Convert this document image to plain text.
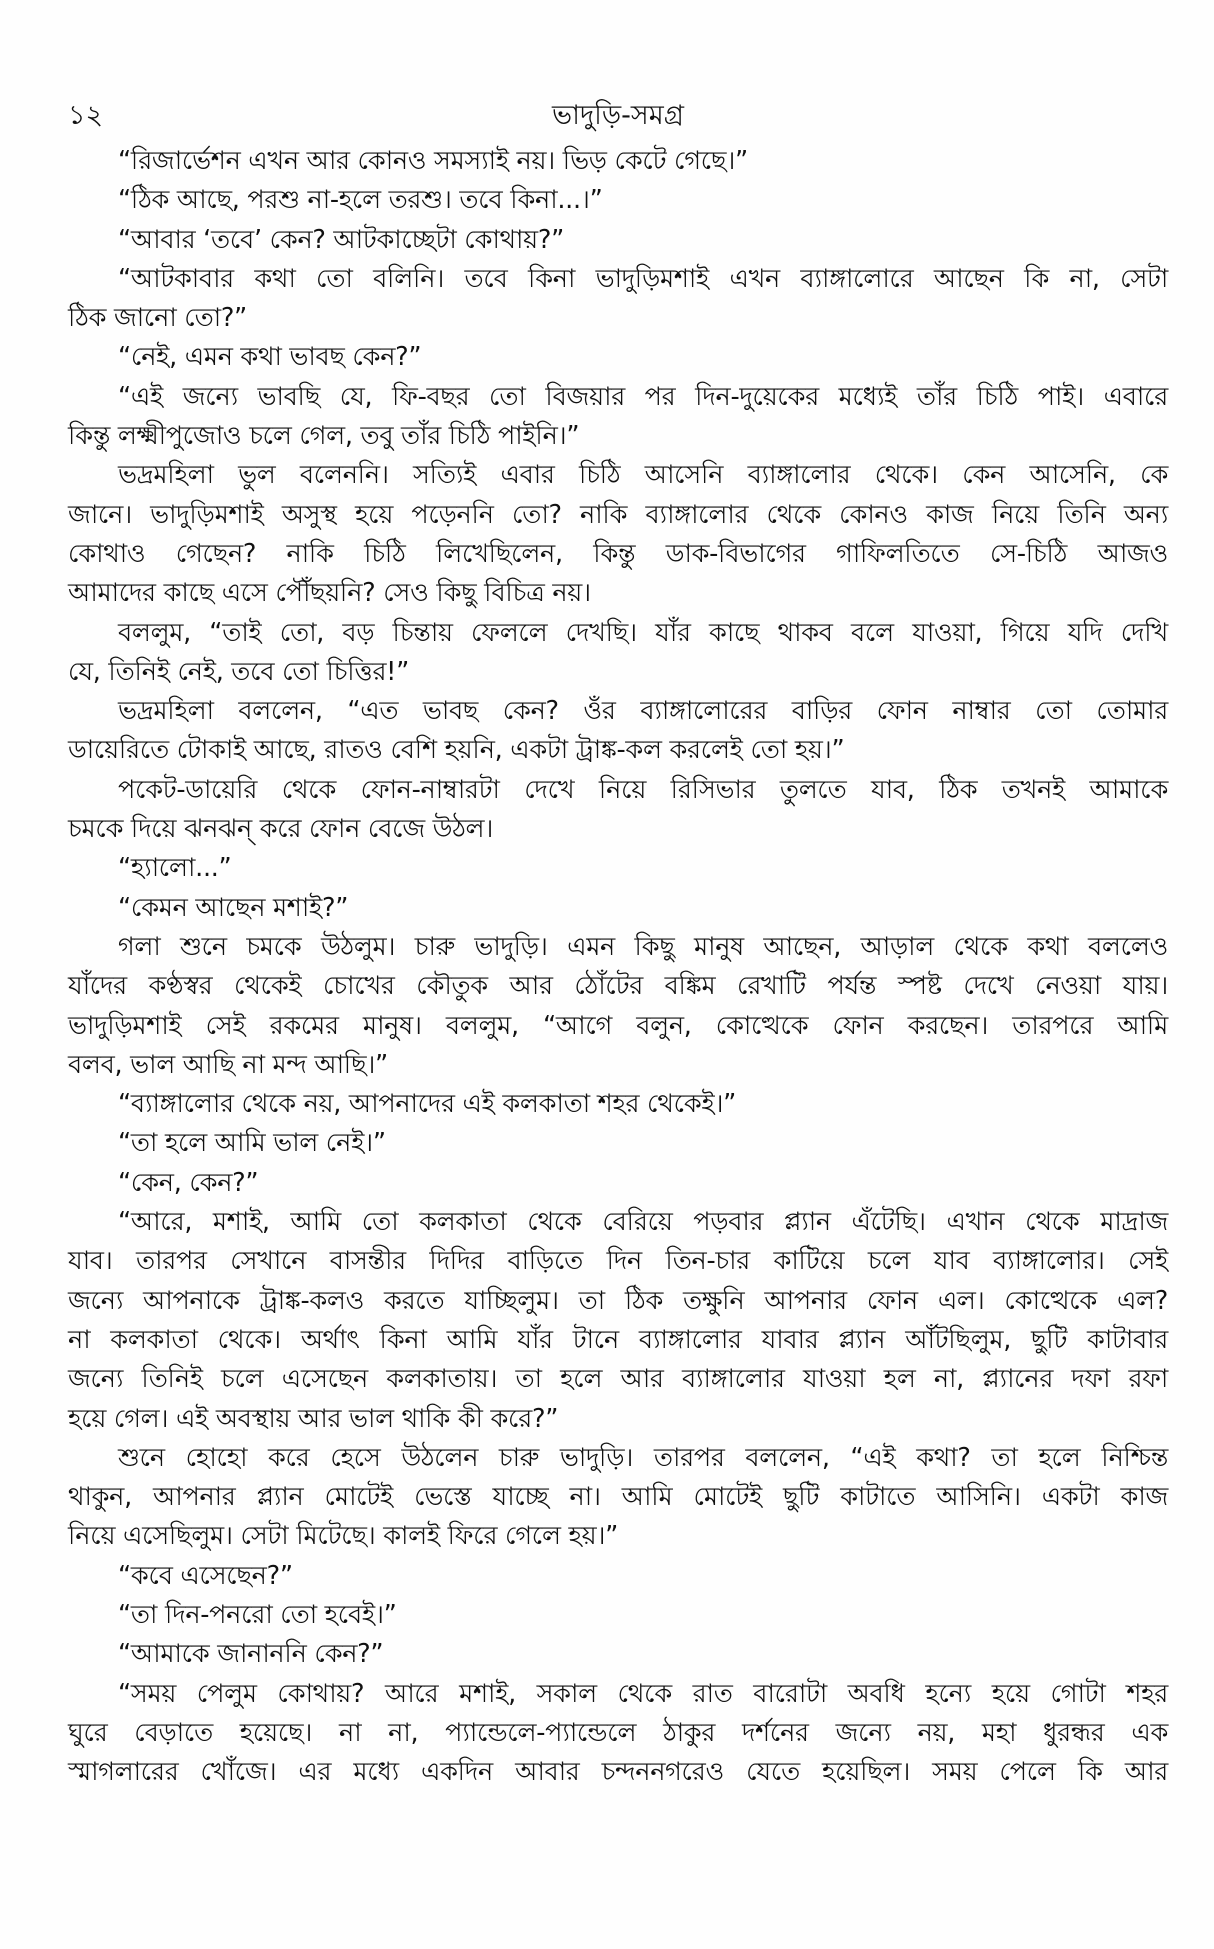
১২	ভাদুড়ি-সমগ্র
“রিজার্ভেশন এখন আর কোনও সমস্যাই নয়। ভিড় কেটে গেছে।”
“ঠিক আছে, পরশু না-হলে তরশু। তবে কিনা...।”
“আবার ‘তবে’ কেন? আটকাচ্ছেটা কোথায়?”
“আটকাবার কথা তো বলিনি। তবে কিনা ভাদুড়িমশাই এখন ব্যাঙ্গালোরে আছেন কি না, সেটা
ঠিক জানো তো?”
“নেই, এমন কথা ভাবছ কেন?”
“এই জন্যে ভাবছি যে, ফি-বছর তো বিজয়ার পর দিন-দুয়েকের মধ্যেই তাঁর চিঠি পাই। এবারে
কিন্তু লক্ষ্মীপুজোও চলে গেল, তবু তাঁর চিঠি পাইনি।”
ভদ্রমহিলা ভুল বলেননি। সত্যিই এবার চিঠি আসেনি ব্যাঙ্গালোর থেকে। কেন আসেনি, কে
জানে। ভাদুড়িমশাই অসুস্থ হয়ে পড়েননি তো? নাকি ব্যাঙ্গালোর থেকে কোনও কাজ নিয়ে তিনি অন্য
কোথাও গেছেন? নাকি চিঠি লিখেছিলেন, কিন্তু ডাক-বিভাগের গাফিলতিতে সে-চিঠি আজও
আমাদের কাছে এসে পৌঁছয়নি? সেও কিছু বিচিত্র নয়।
বললুম, “তাই তো, বড় চিন্তায় ফেললে দেখছি। যাঁর কাছে থাকব বলে যাওয়া, গিয়ে যদি দেখি
যে, তিনিই নেই, তবে তো চিত্তির!”
ভদ্রমহিলা বললেন, “এত ভাবছ কেন? ওঁর ব্যাঙ্গালোরের বাড়ির ফোন নাম্বার তো তোমার
ডায়েরিতে টোকাই আছে, রাতও বেশি হয়নি, একটা ট্রাঙ্ক-কল করলেই তো হয়।”
পকেট-ডায়েরি থেকে ফোন-নাম্বারটা দেখে নিয়ে রিসিভার তুলতে যাব, ঠিক তখনই আমাকে
চমকে দিয়ে ঝনঝন্ করে ফোন বেজে উঠল।
“হ্যালো...”
“কেমন আছেন মশাই?”
গলা শুনে চমকে উঠলুম। চারু ভাদুড়ি। এমন কিছু মানুষ আছেন, আড়াল থেকে কথা বললেও
যাঁদের কণ্ঠস্বর থেকেই চোখের কৌতুক আর ঠোঁটের বঙ্কিম রেখাটি পর্যন্ত স্পষ্ট দেখে নেওয়া যায়।
ভাদুড়িমশাই সেই রকমের মানুষ। বললুম, “আগে বলুন, কোত্থেকে ফোন করছেন। তারপরে আমি
বলব, ভাল আছি না মন্দ আছি।”
“ব্যাঙ্গালোর থেকে নয়, আপনাদের এই কলকাতা শহর থেকেই।”
“তা হলে আমি ভাল নেই।”
“কেন, কেন?”
“আরে, মশাই, আমি তো কলকাতা থেকে বেরিয়ে পড়বার প্ল্যান এঁটেছি। এখান থেকে মাদ্রাজ
যাব। তারপর সেখানে বাসন্তীর দিদির বাড়িতে দিন তিন-চার কাটিয়ে চলে যাব ব্যাঙ্গালোর। সেই
জন্যে আপনাকে ট্রাঙ্ক-কলও করতে যাচ্ছিলুম। তা ঠিক তক্ষুনি আপনার ফোন এল। কোত্থেকে এল?
না কলকাতা থেকে। অর্থাৎ কিনা আমি যাঁর টানে ব্যাঙ্গালোর যাবার প্ল্যান আঁটছিলুম, ছুটি কাটাবার
জন্যে তিনিই চলে এসেছেন কলকাতায়। তা হলে আর ব্যাঙ্গালোর যাওয়া হল না, প্ল্যানের দফা রফা
হয়ে গেল। এই অবস্থায় আর ভাল থাকি কী করে?”
শুনে হোহো করে হেসে উঠলেন চারু ভাদুড়ি। তারপর বললেন, “এই কথা? তা হলে নিশ্চিন্ত
থাকুন, আপনার প্ল্যান মোটেই ভেস্তে যাচ্ছে না। আমি মোটেই ছুটি কাটাতে আসিনি। একটা কাজ
নিয়ে এসেছিলুম। সেটা মিটেছে। কালই ফিরে গেলে হয়।”
“কবে এসেছেন?”
“তা দিন-পনরো তো হবেই।”
“আমাকে জানাননি কেন?”
“সময় পেলুম কোথায়? আরে মশাই, সকাল থেকে রাত বারোটা অবধি হন্যে হয়ে গোটা শহর
ঘুরে বেড়াতে হয়েছে। না না, প্যান্ডেলে-প্যান্ডেলে ঠাকুর দর্শনের জন্যে নয়, মহা ধুরন্ধর এক
স্মাগলারের খোঁজে। এর মধ্যে একদিন আবার চন্দননগরেও যেতে হয়েছিল। সময় পেলে কি আর
